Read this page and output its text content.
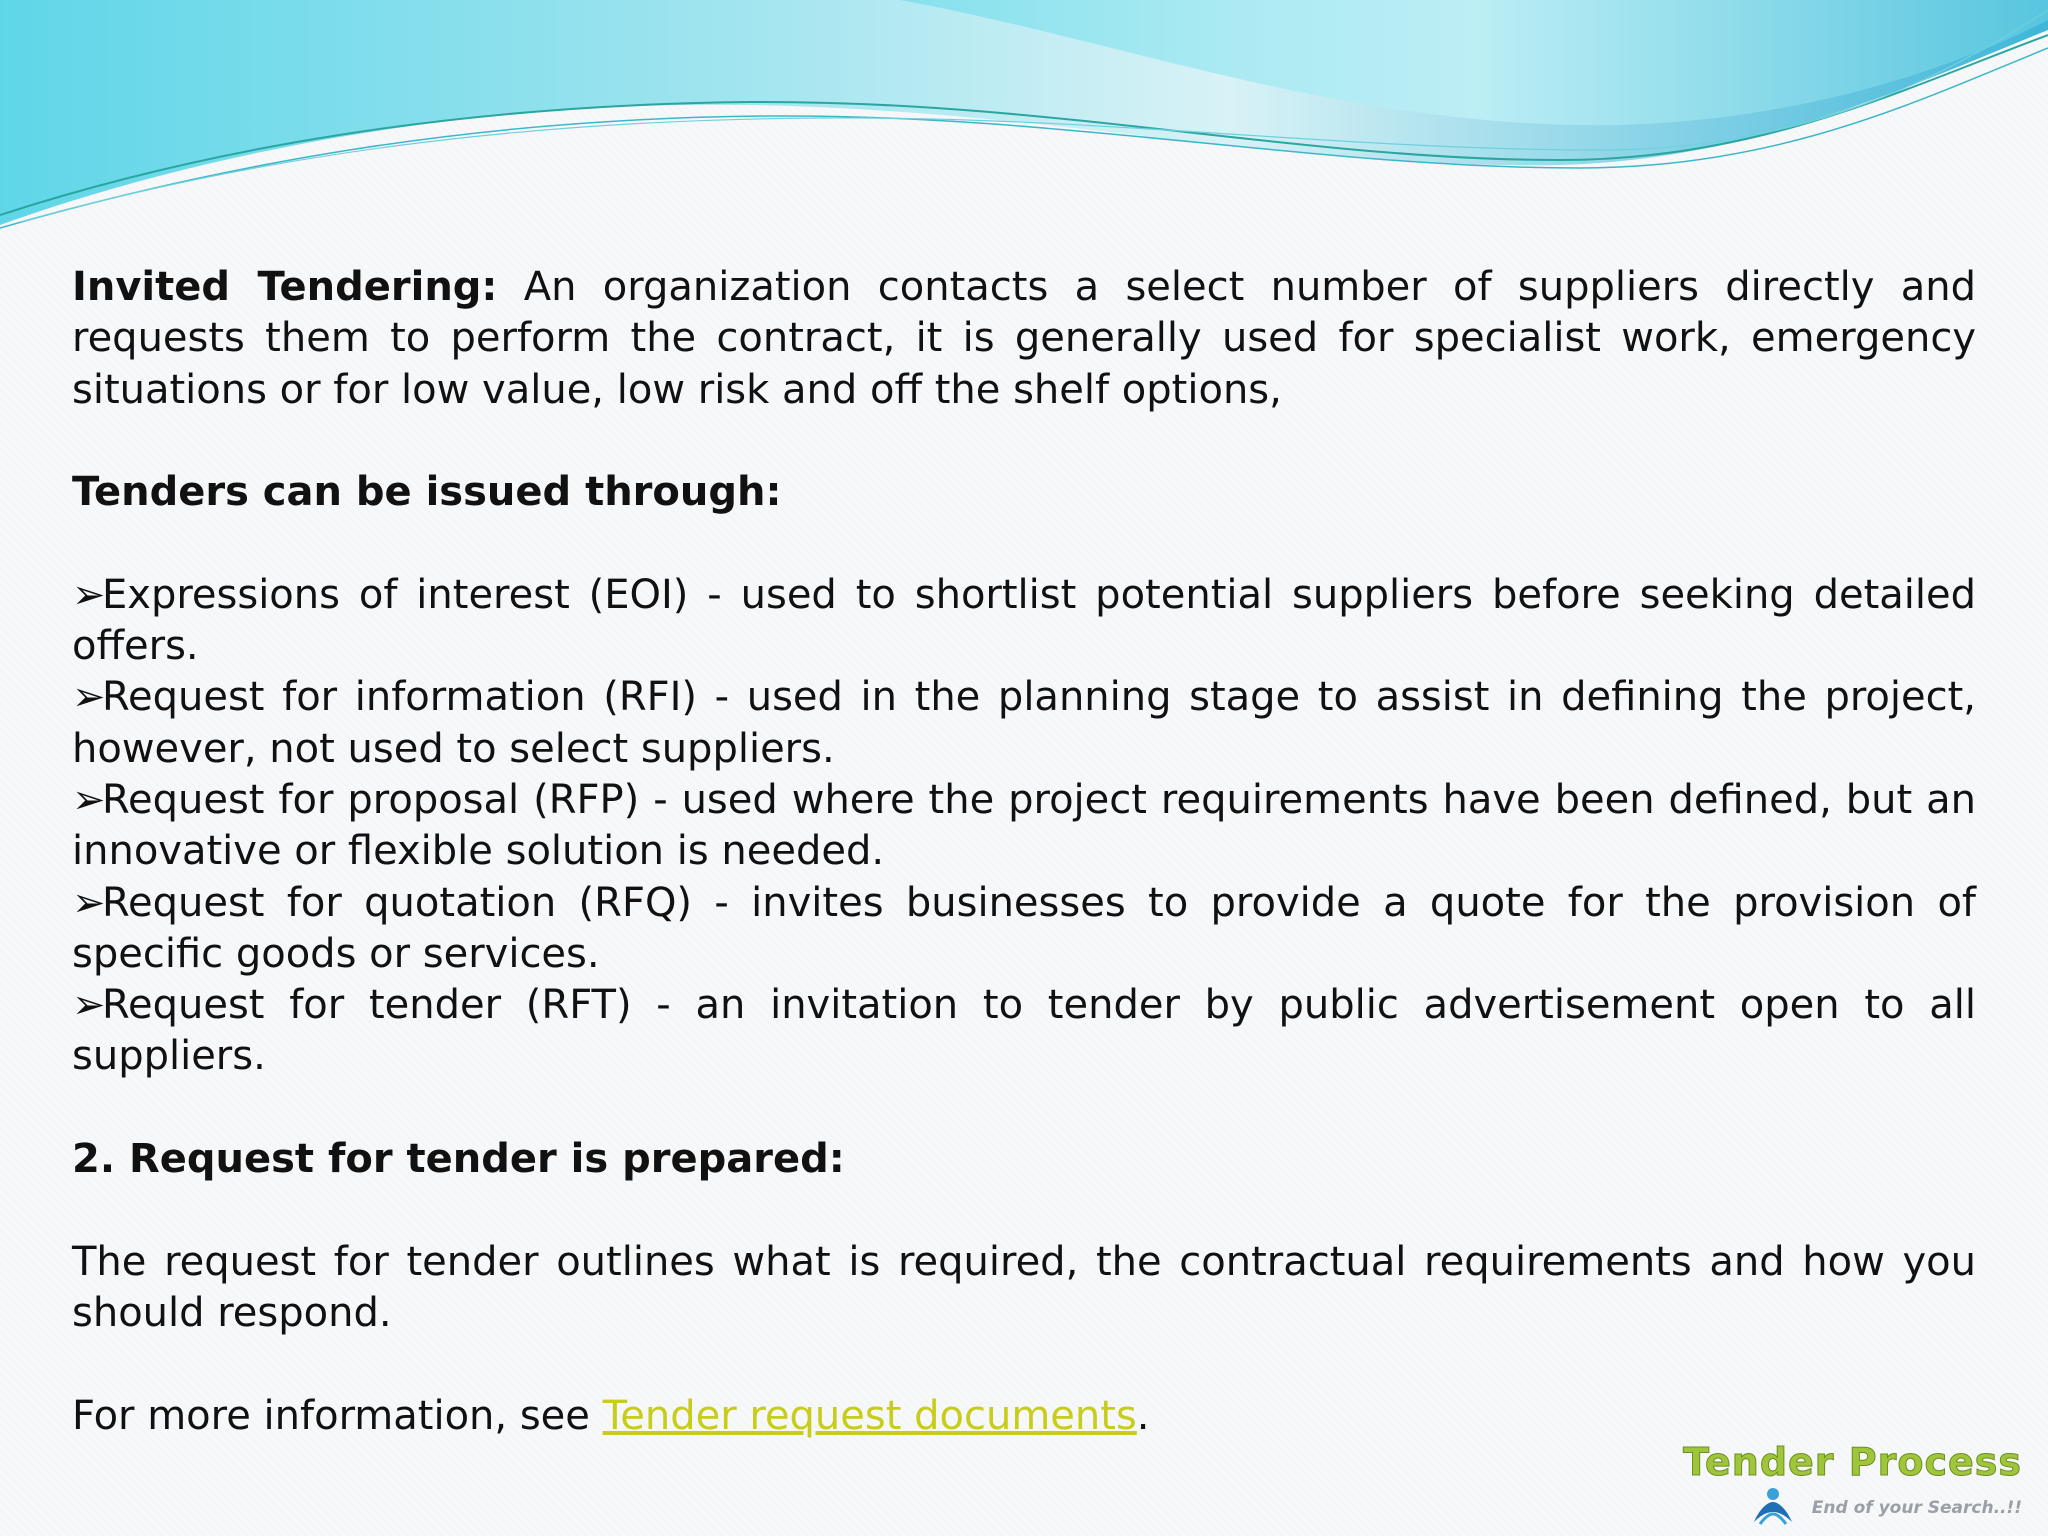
Invited Tendering: An organization contacts a select number of suppliers directly and requests them to perform the contract, it is generally used for specialist work, emergency situations or for low value, low risk and off the shelf options,

Tenders can be issued through:

➢Expressions of interest (EOI) - used to shortlist potential suppliers before seeking detailed offers.

➢Request for information (RFI) - used in the planning stage to assist in defining the project, however, not used to select suppliers.

➢Request for proposal (RFP) - used where the project requirements have been defined, but an innovative or flexible solution is needed.

➢Request for quotation (RFQ) - invites businesses to provide a quote for the provision of specific goods or services.

➢Request for tender (RFT) - an invitation to tender by public advertisement open to all suppliers.

2. Request for tender is prepared:

The request for tender outlines what is required, the contractual requirements and how you should respond.

For more information, see Tender request documents.

Tender Process
End of your Search..!!
